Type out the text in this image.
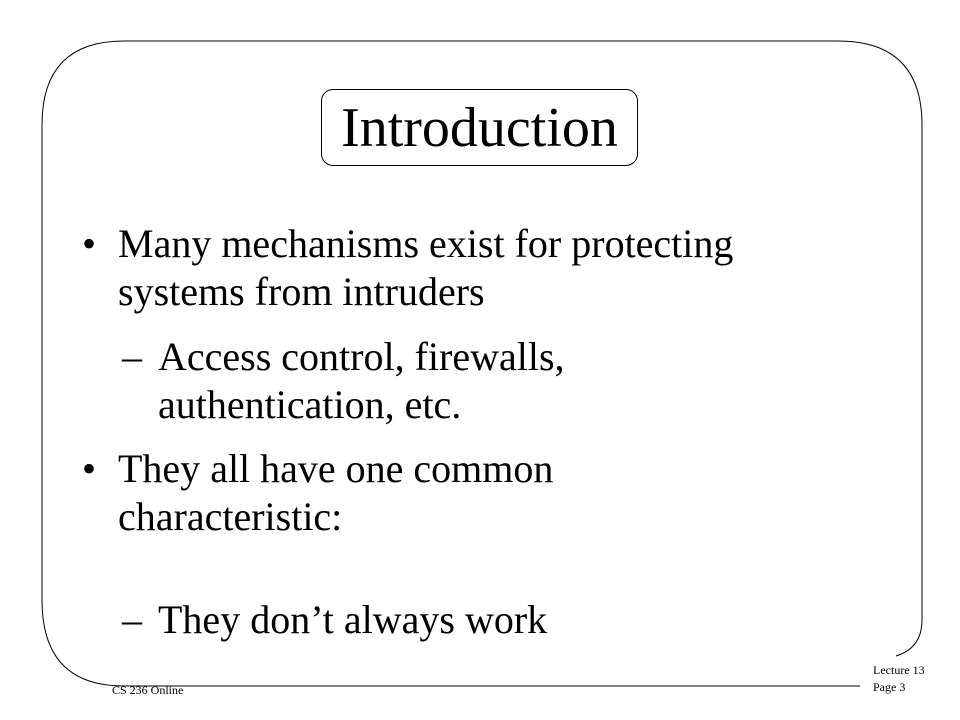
Introduction
• Many mechanisms exist for protecting
systems from intruders
– Access control, firewalls,
authentication, etc.
• They all have one common
characteristic:
– They don’t always work
CS 236 Online
Lecture 13
Page 3
